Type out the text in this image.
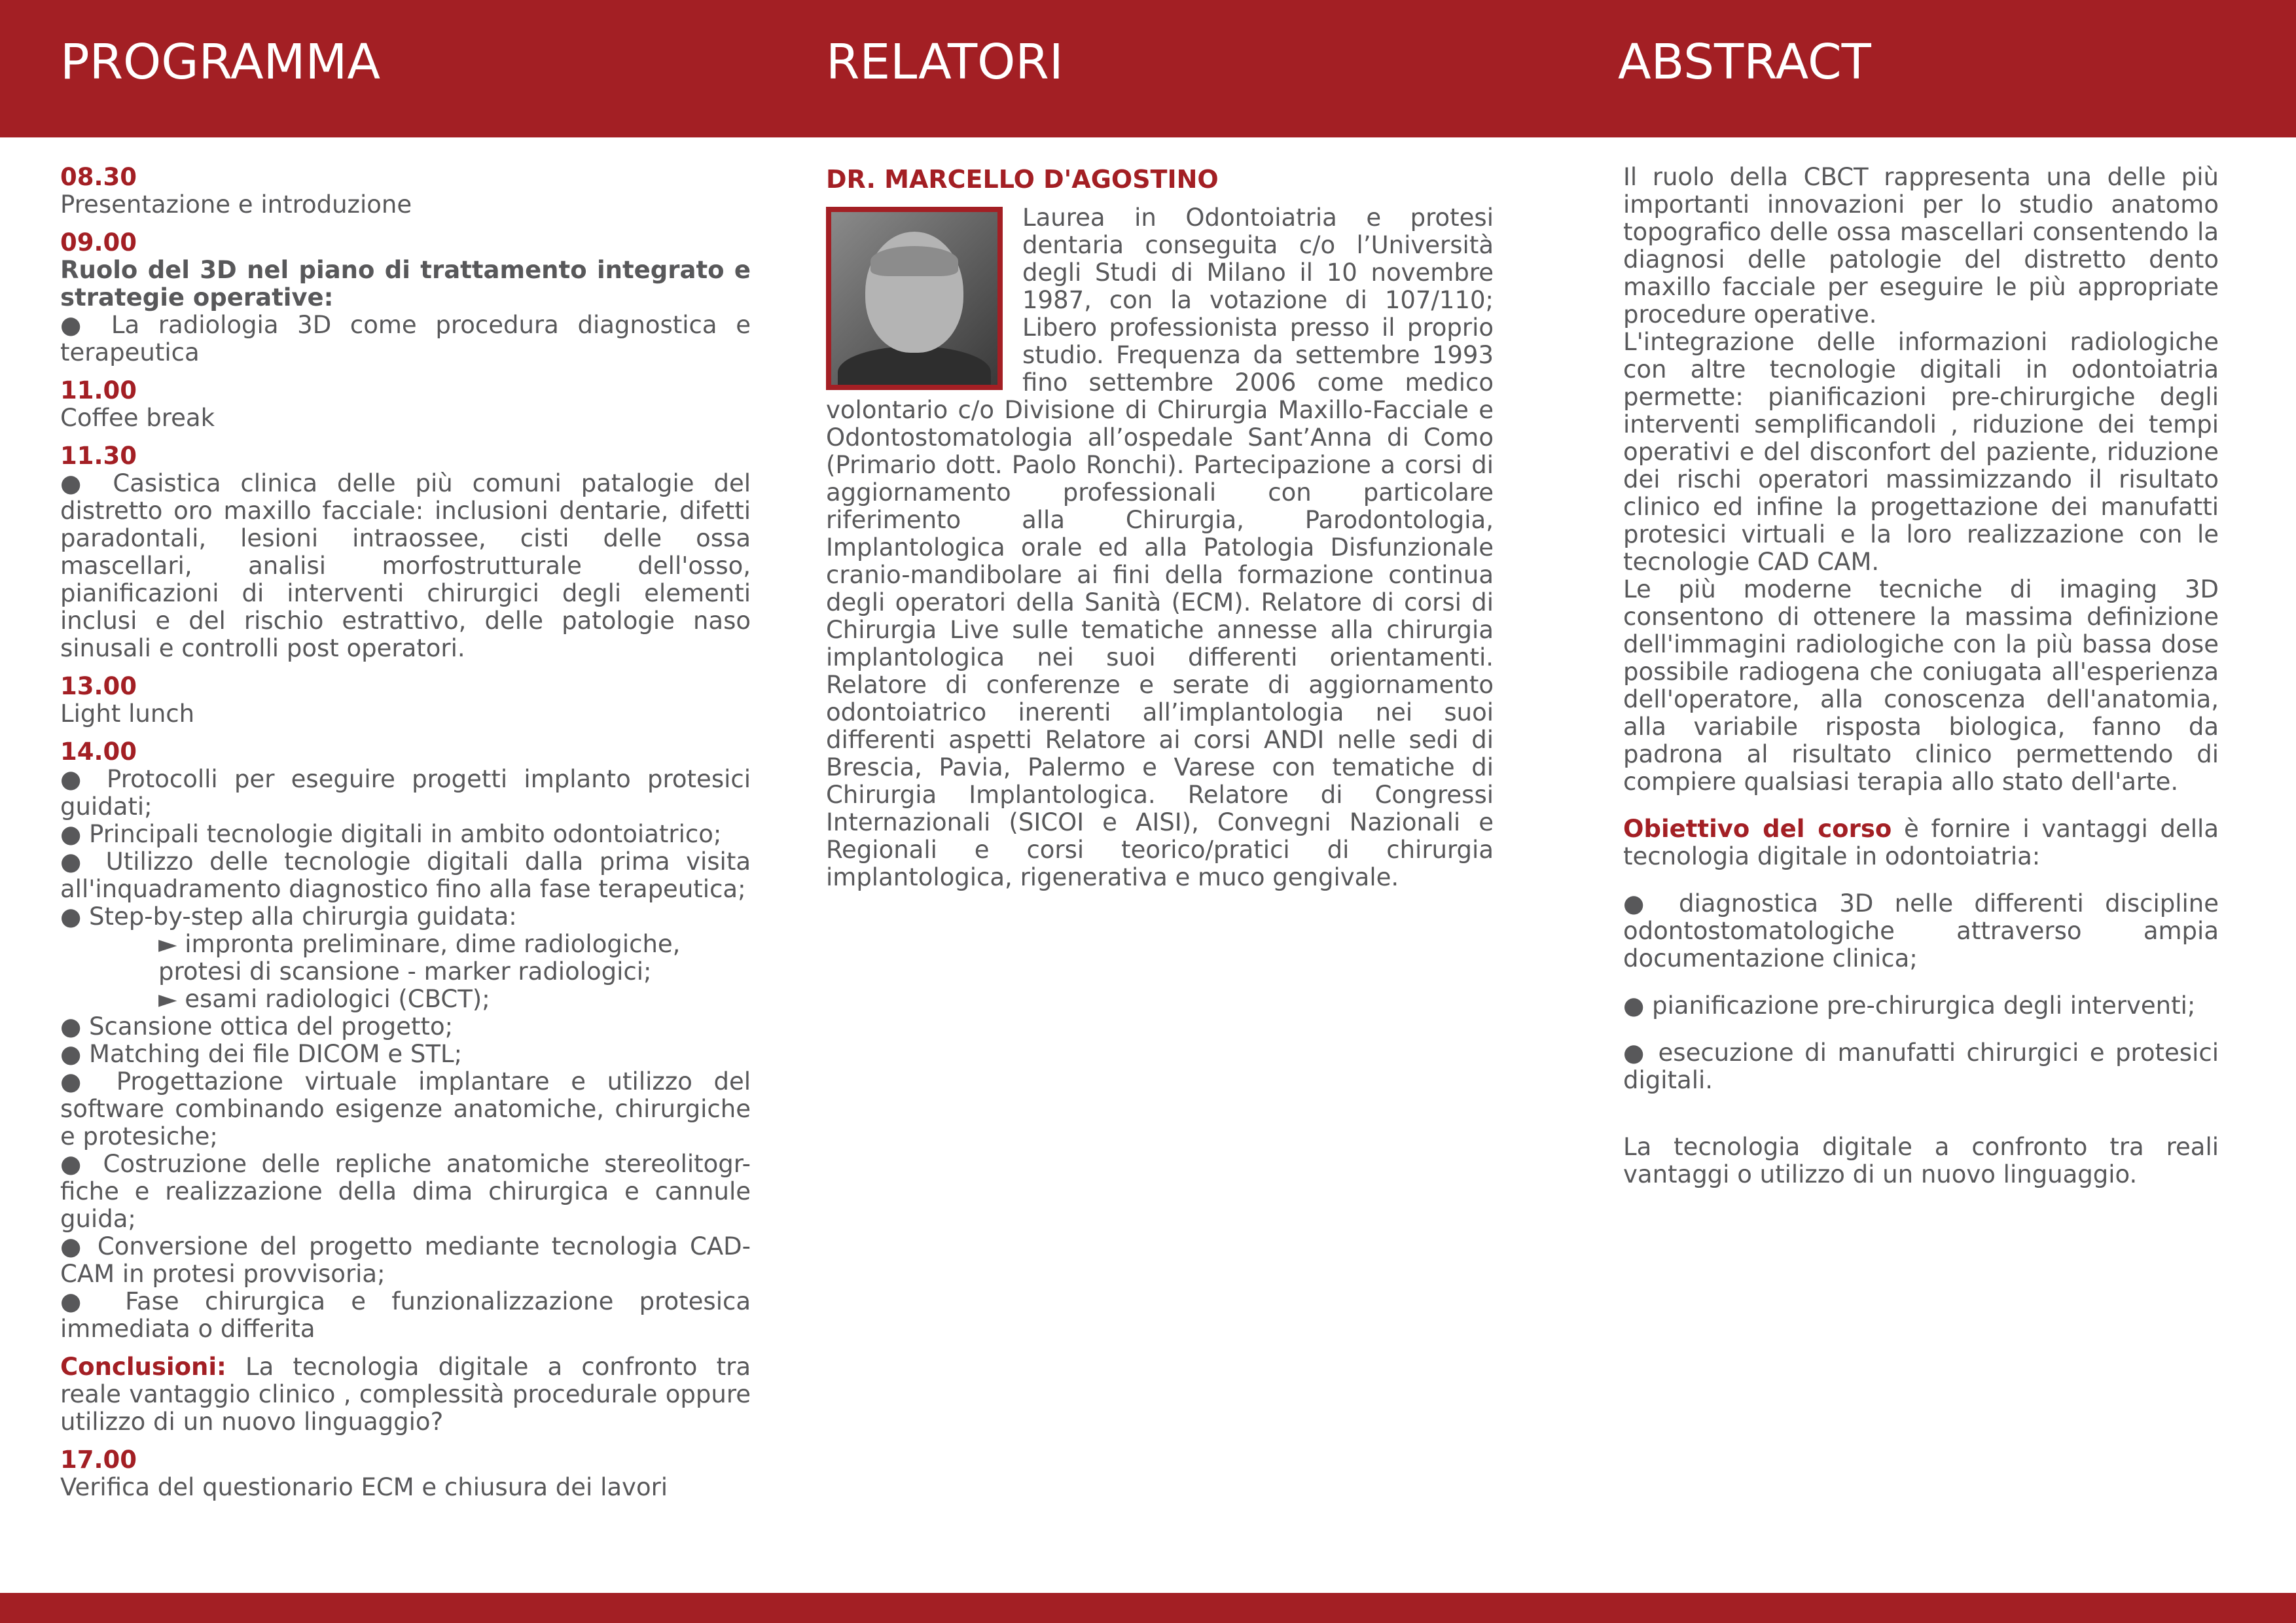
PROGRAMMA	RELATORI	ABSTRACT
08.30
Presentazione e introduzione
09.00
Ruolo del 3D nel piano di trattamento integrato e strategie operative:
● La radiologia 3D come procedura diagnostica e terapeutica
11.00
Coffee break
11.30
● Casistica clinica delle più comuni patalogie del distretto oro maxillo facciale: inclusioni dentarie, difetti paradontali, lesioni intraossee, cisti delle ossa mascellari, analisi morfostrutturale dell'osso, pianificazioni di interventi chirurgici degli elementi inclusi e del rischio estrattivo, delle patologie naso sinusali e controlli post operatori.
13.00
Light lunch
14.00
● Protocolli per eseguire progetti implanto protesici guidati;
● Principali tecnologie digitali in ambito odontoiatrico;
● Utilizzo delle tecnologie digitali dalla prima visita all'inquadramento diagnostico fino alla fase terapeutica;
● Step-by-step alla chirurgia guidata:
► impronta preliminare, dime radiologiche,
protesi di scansione - marker radiologici;
► esami radiologici (CBCT);
● Scansione ottica del progetto;
● Matching dei file DICOM e STL;
● Progettazione virtuale implantare e utilizzo del software combinando esigenze anatomiche, chirurgiche e protesiche;
● Costruzione delle repliche anatomiche stereolitogr-fiche e realizzazione della dima chirurgica e cannule guida;
● Conversione del progetto mediante tecnologia CAD-CAM in protesi provvisoria;
● Fase chirurgica e funzionalizzazione protesica immediata o differita
Conclusioni: La tecnologia digitale a confronto tra reale vantaggio clinico , complessità procedurale oppure utilizzo di un nuovo linguaggio?
17.00
Verifica del questionario ECM e chiusura dei lavori
DR. MARCELLO D'AGOSTINO
Laurea in Odontoiatria e protesi dentaria conseguita c/o l’Università degli Studi di Milano il 10 novembre 1987, con la votazione di 107/110; Libero professionista presso il proprio studio. Frequenza da settembre 1993 fino settembre 2006 come medico volontario c/o Divisione di Chirurgia Maxillo-Facciale e Odontostomatologia all’ospedale Sant’Anna di Como (Primario dott. Paolo Ronchi). Partecipazione a corsi di aggiornamento professionali con particolare riferimento alla Chirurgia, Parodontologia, Implantologica orale ed alla Patologia Disfunzionale cranio-mandibolare ai fini della formazione continua degli operatori della Sanità (ECM). Relatore di corsi di Chirurgia Live sulle tematiche annesse alla chirurgia implantologica nei suoi differenti orientamenti. Relatore di conferenze e serate di aggiornamento odontoiatrico inerenti all’implantologia nei suoi differenti aspetti Relatore ai corsi ANDI nelle sedi di Brescia, Pavia, Palermo e Varese con tematiche di Chirurgia Implantologica. Relatore di Congressi Internazionali (SICOI e AISI), Convegni Nazionali e Regionali e corsi teorico/pratici di chirurgia implantologica, rigenerativa e muco gengivale.
Il ruolo della CBCT rappresenta una delle più importanti innovazioni per lo studio anatomo topografico delle ossa mascellari consentendo la diagnosi delle patologie del distretto dento maxillo facciale per eseguire le più appropriate procedure operative.
L'integrazione delle informazioni radiologiche con altre tecnologie digitali in odontoiatria permette: pianificazioni pre-chirurgiche degli interventi semplificandoli , riduzione dei tempi operativi e del disconfort del paziente, riduzione dei rischi operatori massimizzando il risultato clinico ed infine la progettazione dei manufatti protesici virtuali e la loro realizzazione con le tecnologie CAD CAM.
Le più moderne tecniche di imaging 3D consentono di ottenere la massima definizione dell'immagini radiologiche con la più bassa dose possibile radiogena che coniugata all'esperienza dell'operatore, alla conoscenza dell'anatomia, alla variabile risposta biologica, fanno da padrona al risultato clinico permettendo di compiere qualsiasi terapia allo stato dell'arte.
Obiettivo del corso è fornire i vantaggi della tecnologia digitale in odontoiatria:
● diagnostica 3D nelle differenti discipline odontostomatologiche attraverso ampia documentazione clinica;
● pianificazione pre-chirurgica degli interventi;
● esecuzione di manufatti chirurgici e protesici digitali.
La tecnologia digitale a confronto tra reali vantaggi o utilizzo di un nuovo linguaggio.
